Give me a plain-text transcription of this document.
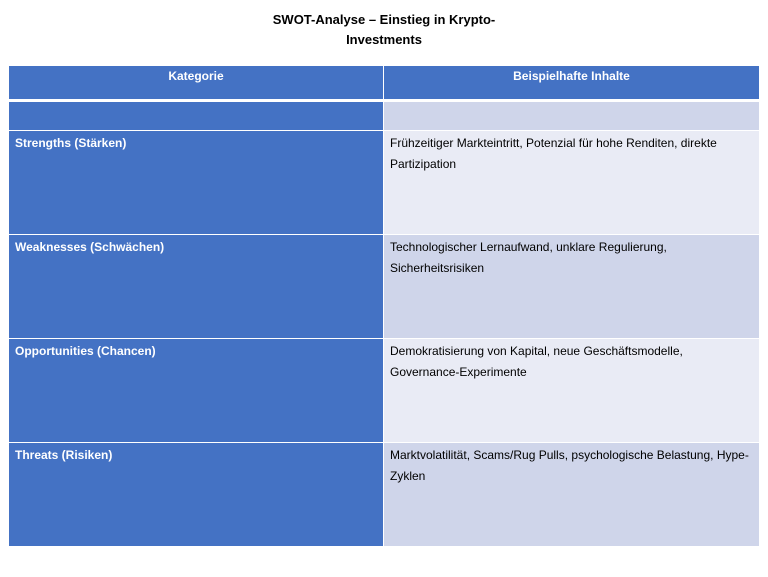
SWOT-Analyse – Einstieg in Krypto-
Investments
Kategorie	Beispielhafte Inhalte

Strengths (Stärken)	Frühzeitiger Markteintritt, Potenzial für hohe Renditen, direkte Partizipation
Weaknesses (Schwächen)	Technologischer Lernaufwand, unklare Regulierung, Sicherheitsrisiken
Opportunities (Chancen)	Demokratisierung von Kapital, neue Geschäftsmodelle, Governance-Experimente
Threats (Risiken)	Marktvolatilität, Scams/Rug Pulls, psychologische Belastung, Hype-Zyklen
